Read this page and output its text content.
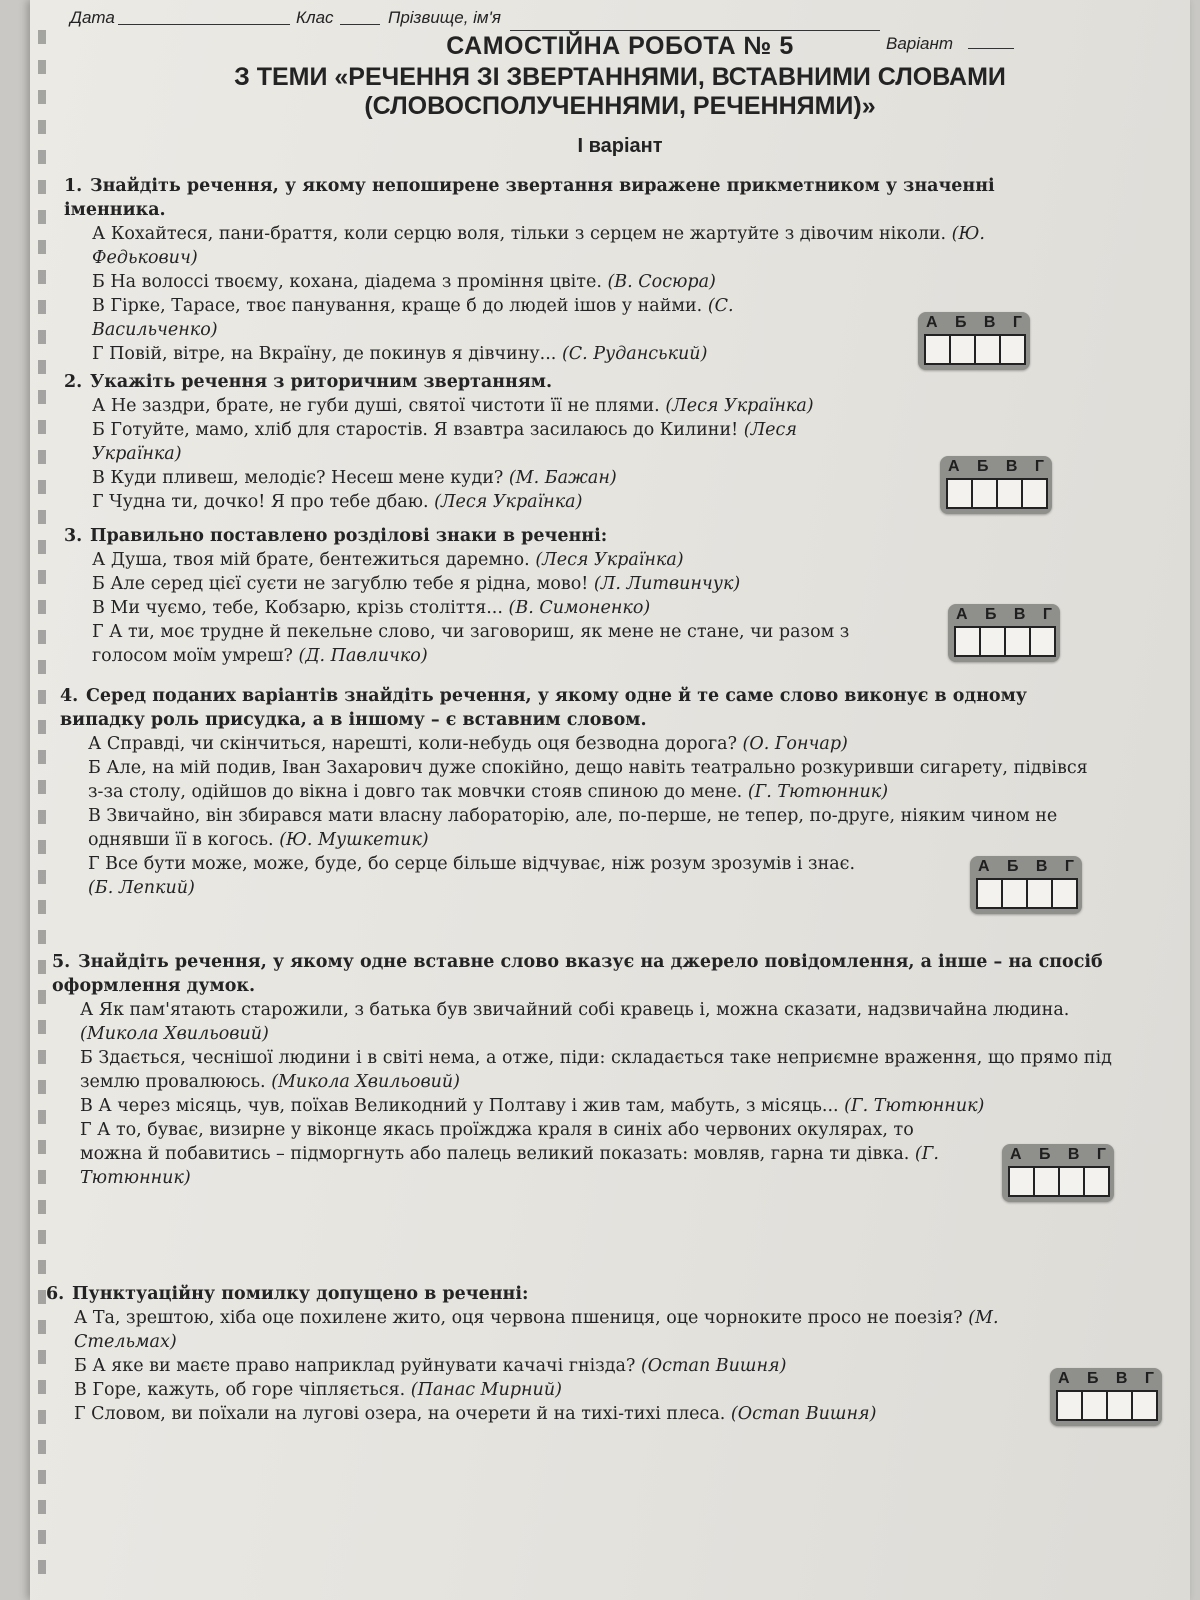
Дата	Клас	Прізвище, ім'я
Варіант
САМОСТІЙНА РОБОТА № 5
З ТЕМИ «РЕЧЕННЯ ЗІ ЗВЕРТАННЯМИ, ВСТАВНИМИ СЛОВАМИ
(СЛОВОСПОЛУЧЕННЯМИ, РЕЧЕННЯМИ)»
І варіант
1. Знайдіть речення, у якому непоширене звертання виражене прикметником у значенні іменника.
А Кохайтеся, пани-браття, коли серцю воля, тільки з серцем не жартуйте з дівочим ніколи. (Ю. Федькович)
Б На волоссі твоєму, кохана, діадема з проміння цвіте. (В. Сосюра)
В Гірке, Тарасе, твоє панування, краще б до людей ішов у найми. (С. Васильченко)
Г Повій, вітре, на Вкраїну, де покинув я дівчину... (С. Руданський)
А Б В Г
2. Укажіть речення з риторичним звертанням.
А Не заздри, брате, не губи душі, святої чистоти її не плями. (Леся Українка)
Б Готуйте, мамо, хліб для старостів. Я взавтра засилаюсь до Килини! (Леся Українка)
В Куди пливеш, мелодіє? Несеш мене куди? (М. Бажан)
Г Чудна ти, дочко! Я про тебе дбаю. (Леся Українка)
А Б В Г
3. Правильно поставлено розділові знаки в реченні:
А Душа, твоя мій брате, бентежиться даремно. (Леся Українка)
Б Але серед цієї суєти не загублю тебе я рідна, мово! (Л. Литвинчук)
В Ми чуємо, тебе, Кобзарю, крізь століття... (В. Симоненко)
Г А ти, моє трудне й пекельне слово, чи заговориш, як мене не стане, чи разом з голосом моїм умреш? (Д. Павличко)
А Б В Г
4. Серед поданих варіантів знайдіть речення, у якому одне й те саме слово виконує в одному випадку роль присудка, а в іншому – є вставним словом.
А Справді, чи скінчиться, нарешті, коли-небудь оця безводна дорога? (О. Гончар)
Б Але, на мій подив, Іван Захарович дуже спокійно, дещо навіть театрально розкуривши сигарету, підвівся з-за столу, одійшов до вікна і довго так мовчки стояв спиною до мене. (Г. Тютюнник)
В Звичайно, він збирався мати власну лабораторію, але, по-перше, не тепер, по-друге, ніяким чином не однявши її в когось. (Ю. Мушкетик)
Г Все бути може, може, буде, бо серце більше відчуває, ніж розум зрозумів і знає. (Б. Лепкий)
А Б В Г
5. Знайдіть речення, у якому одне вставне слово вказує на джерело повідомлення, а інше – на спосіб оформлення думок.
А Як пам'ятають старожили, з батька був звичайний собі кравець і, можна сказати, надзвичайна людина. (Микола Хвильовий)
Б Здається, чеснішої людини і в світі нема, а отже, піди: складається таке неприємне враження, що прямо під землю провалююсь. (Микола Хвильовий)
В А через місяць, чув, поїхав Великодний у Полтаву і жив там, мабуть, з місяць... (Г. Тютюнник)
Г А то, буває, визирне у віконце якась проїжджа краля в синіх або червоних окулярах, то можна й побавитись – підморгнуть або палець великий показать: мовляв, гарна ти дівка. (Г. Тютюнник)
А Б В Г
6. Пунктуаційну помилку допущено в реченні:
А Та, зрештою, хіба оце похилене жито, оця червона пшениця, оце чорноките просо не поезія? (М. Стельмах)
Б А яке ви маєте право наприклад руйнувати качачі гнізда? (Остап Вишня)
В Горе, кажуть, об горе чіпляється. (Панас Мирний)
Г Словом, ви поїхали на лугові озера, на очерети й на тихі-тихі плеса. (Остап Вишня)
А Б В Г
